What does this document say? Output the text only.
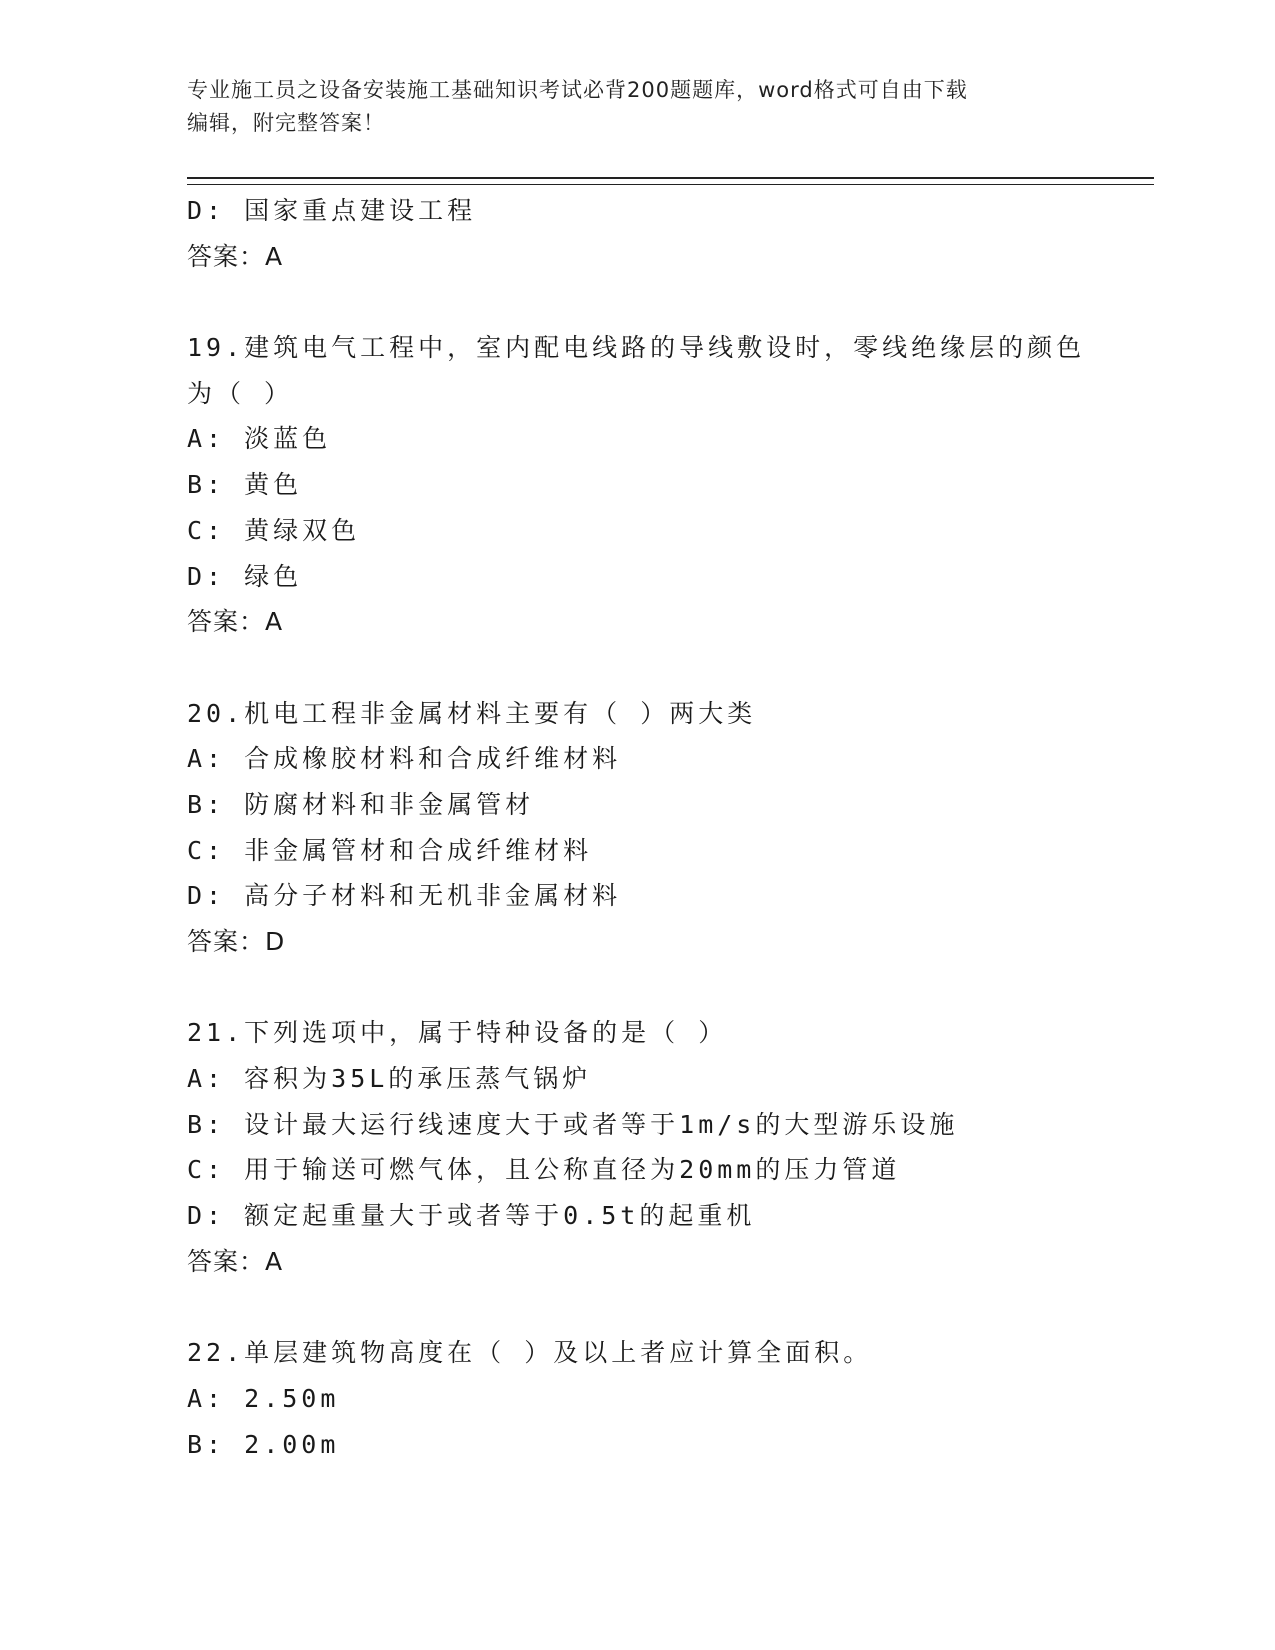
专业施工员之设备安装施工基础知识考试必背200题题库，word格式可自由下载
编辑，附完整答案！
D: 国家重点建设工程
答案：A
19.建筑电气工程中，室内配电线路的导线敷设时，零线绝缘层的颜色
为（ ）
A: 淡蓝色
B: 黄色
C: 黄绿双色
D: 绿色
答案：A
20.机电工程非金属材料主要有（ ）两大类
A: 合成橡胶材料和合成纤维材料
B: 防腐材料和非金属管材
C: 非金属管材和合成纤维材料
D: 高分子材料和无机非金属材料
答案：D
21.下列选项中，属于特种设备的是（ ）
A: 容积为35L的承压蒸气锅炉
B: 设计最大运行线速度大于或者等于1m/s的大型游乐设施
C: 用于输送可燃气体，且公称直径为20mm的压力管道
D: 额定起重量大于或者等于0.5t的起重机
答案：A
22.单层建筑物高度在（ ）及以上者应计算全面积。
A: 2.50m
B: 2.00m
